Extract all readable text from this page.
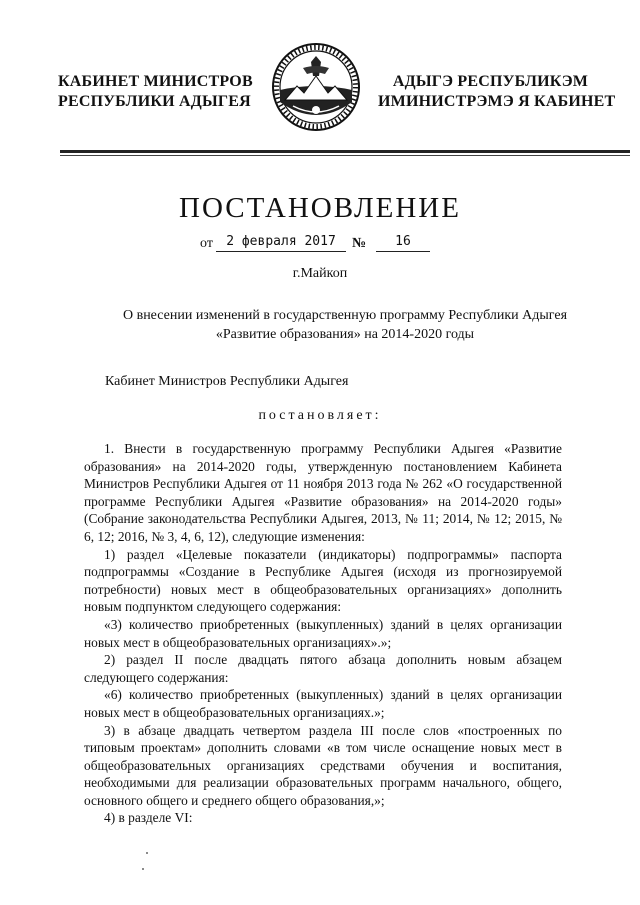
КАБИНЕТ МИНИСТРОВ
РЕСПУБЛИКИ АДЫГЕЯ
АДЫГЭ РЕСПУБЛИКЭМ
ИМИНИСТРЭМЭ Я КАБИНЕТ
ПОСТАНОВЛЕНИЕ
от	2 февраля 2017	№	16
г.Майкоп
О внесении изменений в государственную программу Республики Адыгея
«Развитие образования» на 2014-2020 годы
Кабинет Министров Республики Адыгея
постановляет:

1. Внести в государственную программу Республики Адыгея «Развитие образования» на 2014-2020 годы, утвержденную постановлением Кабинета Министров Республики Адыгея от 11 ноября 2013 года № 262 «О государственной программе Республики Адыгея «Развитие образования» на 2014-2020 годы» (Собрание законодательства Республики Адыгея, 2013, № 11; 2014, № 12; 2015, № 6, 12; 2016, № 3, 4, 6, 12), следующие изменения:

1) раздел «Целевые показатели (индикаторы) подпрограммы» паспорта подпрограммы «Создание в Республике Адыгея (исходя из прогнозируемой потребности) новых мест в общеобразовательных организациях» дополнить новым подпунктом следующего содержания:

«3) количество приобретенных (выкупленных) зданий в целях организации новых мест в общеобразовательных организациях».»;

2) раздел II после двадцать пятого абзаца дополнить новым абзацем следующего содержания:

«6) количество приобретенных (выкупленных) зданий в целях организации новых мест в общеобразовательных организациях.»;

3) в абзаце двадцать четвертом раздела III после слов «построенных по типовым проектам» дополнить словами «в том числе оснащение новых мест в общеобразовательных организациях средствами обучения и воспитания, необходимыми для реализации образовательных программ начального, общего, основного общего и среднего общего образования,»;

4) в разделе VI:
